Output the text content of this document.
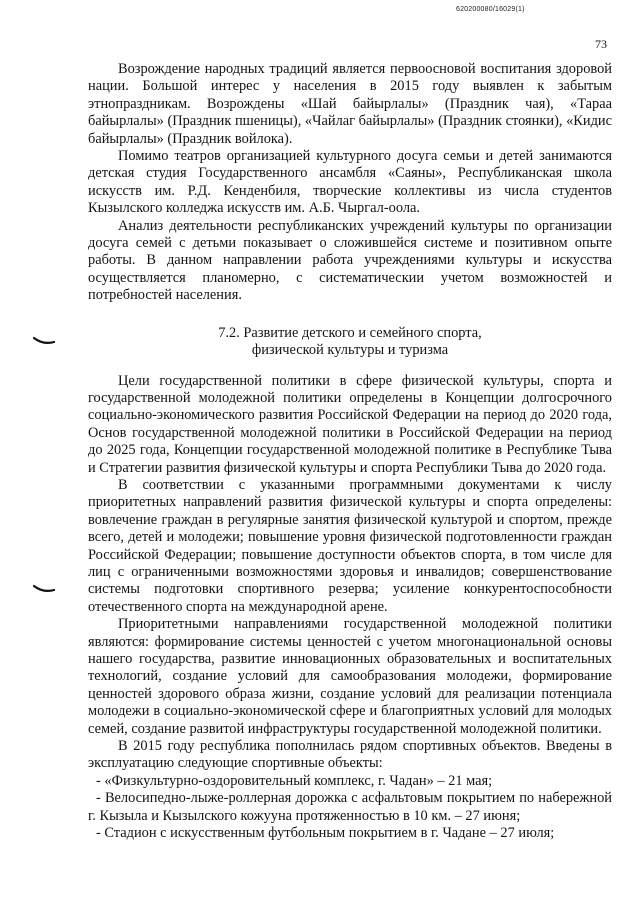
620200080/16029(1)
73

Возрождение народных традиций является первоосновой воспитания здоровой нации. Большой интерес у населения в 2015 году выявлен к забытым этнопраздникам. Возрождены «Шай байырлалы» (Праздник чая), «Тараа байырлалы» (Праздник пшеницы), «Чайлаг байырлалы» (Праздник стоянки), «Кидис байырлалы» (Праздник войлока).

Помимо театров организацией культурного досуга семьи и детей занимаются детская студия Государственного ансамбля «Саяны», Республиканская школа искусств им. Р.Д. Кенденбиля, творческие коллективы из числа студентов Кызылского колледжа искусств им. А.Б. Чыргал-оола.

Анализ деятельности республиканских учреждений культуры по организации досуга семей с детьми показывает о сложившейся системе и позитивном опыте работы. В данном направлении работа учреждениями культуры и искусства осуществляется планомерно, с систематическии учетом возможностей и потребностей населения.

7.2. Развитие детского и семейного спорта,
физической культуры и туризма

Цели государственной политики в сфере физической культуры, спорта и государственной молодежной политики определены в Концепции долгосрочного социально-экономического развития Российской Федерации на период до 2020 года, Основ государственной молодежной политики в Российской Федерации на период до 2025 года, Концепции государственной молодежной политике в Республике Тыва и Стратегии развития физической культуры и спорта Республики Тыва до 2020 года.

В соответствии с указанными программными документами к числу приоритетных направлений развития физической культуры и спорта определены: вовлечение граждан в регулярные занятия физической культурой и спортом, прежде всего, детей и молодежи; повышение уровня физической подготовленности граждан Российской Федерации; повышение доступности объектов спорта, в том числе для лиц с ограниченными возможностями здоровья и инвалидов; совершенствование системы подготовки спортивного резерва; усиление конкурентоспособности отечественного спорта на международной арене.

Приоритетными направлениями государственной молодежной политики являются: формирование системы ценностей с учетом многонациональной основы нашего государства, развитие инновационных образовательных и воспитательных технологий, создание условий для самообразования молодежи, формирование ценностей здорового образа жизни, создание условий для реализации потенциала молодежи в социально-экономической сфере и благоприятных условий для молодых семей, создание развитой инфраструктуры государственной молодежной политики.

В 2015 году республика пополнилась рядом спортивных объектов. Введены в эксплуатацию следующие спортивные объекты:

- «Физкультурно-оздоровительный комплекс, г. Чадан» – 21 мая;

- Велосипедно-лыже-роллерная дорожка с асфальтовым покрытием по набережной г. Кызыла и Кызылского кожууна протяженностью в 10 км. – 27 июня;

- Стадион с искусственным футбольным покрытием в г. Чадане – 27 июля;
